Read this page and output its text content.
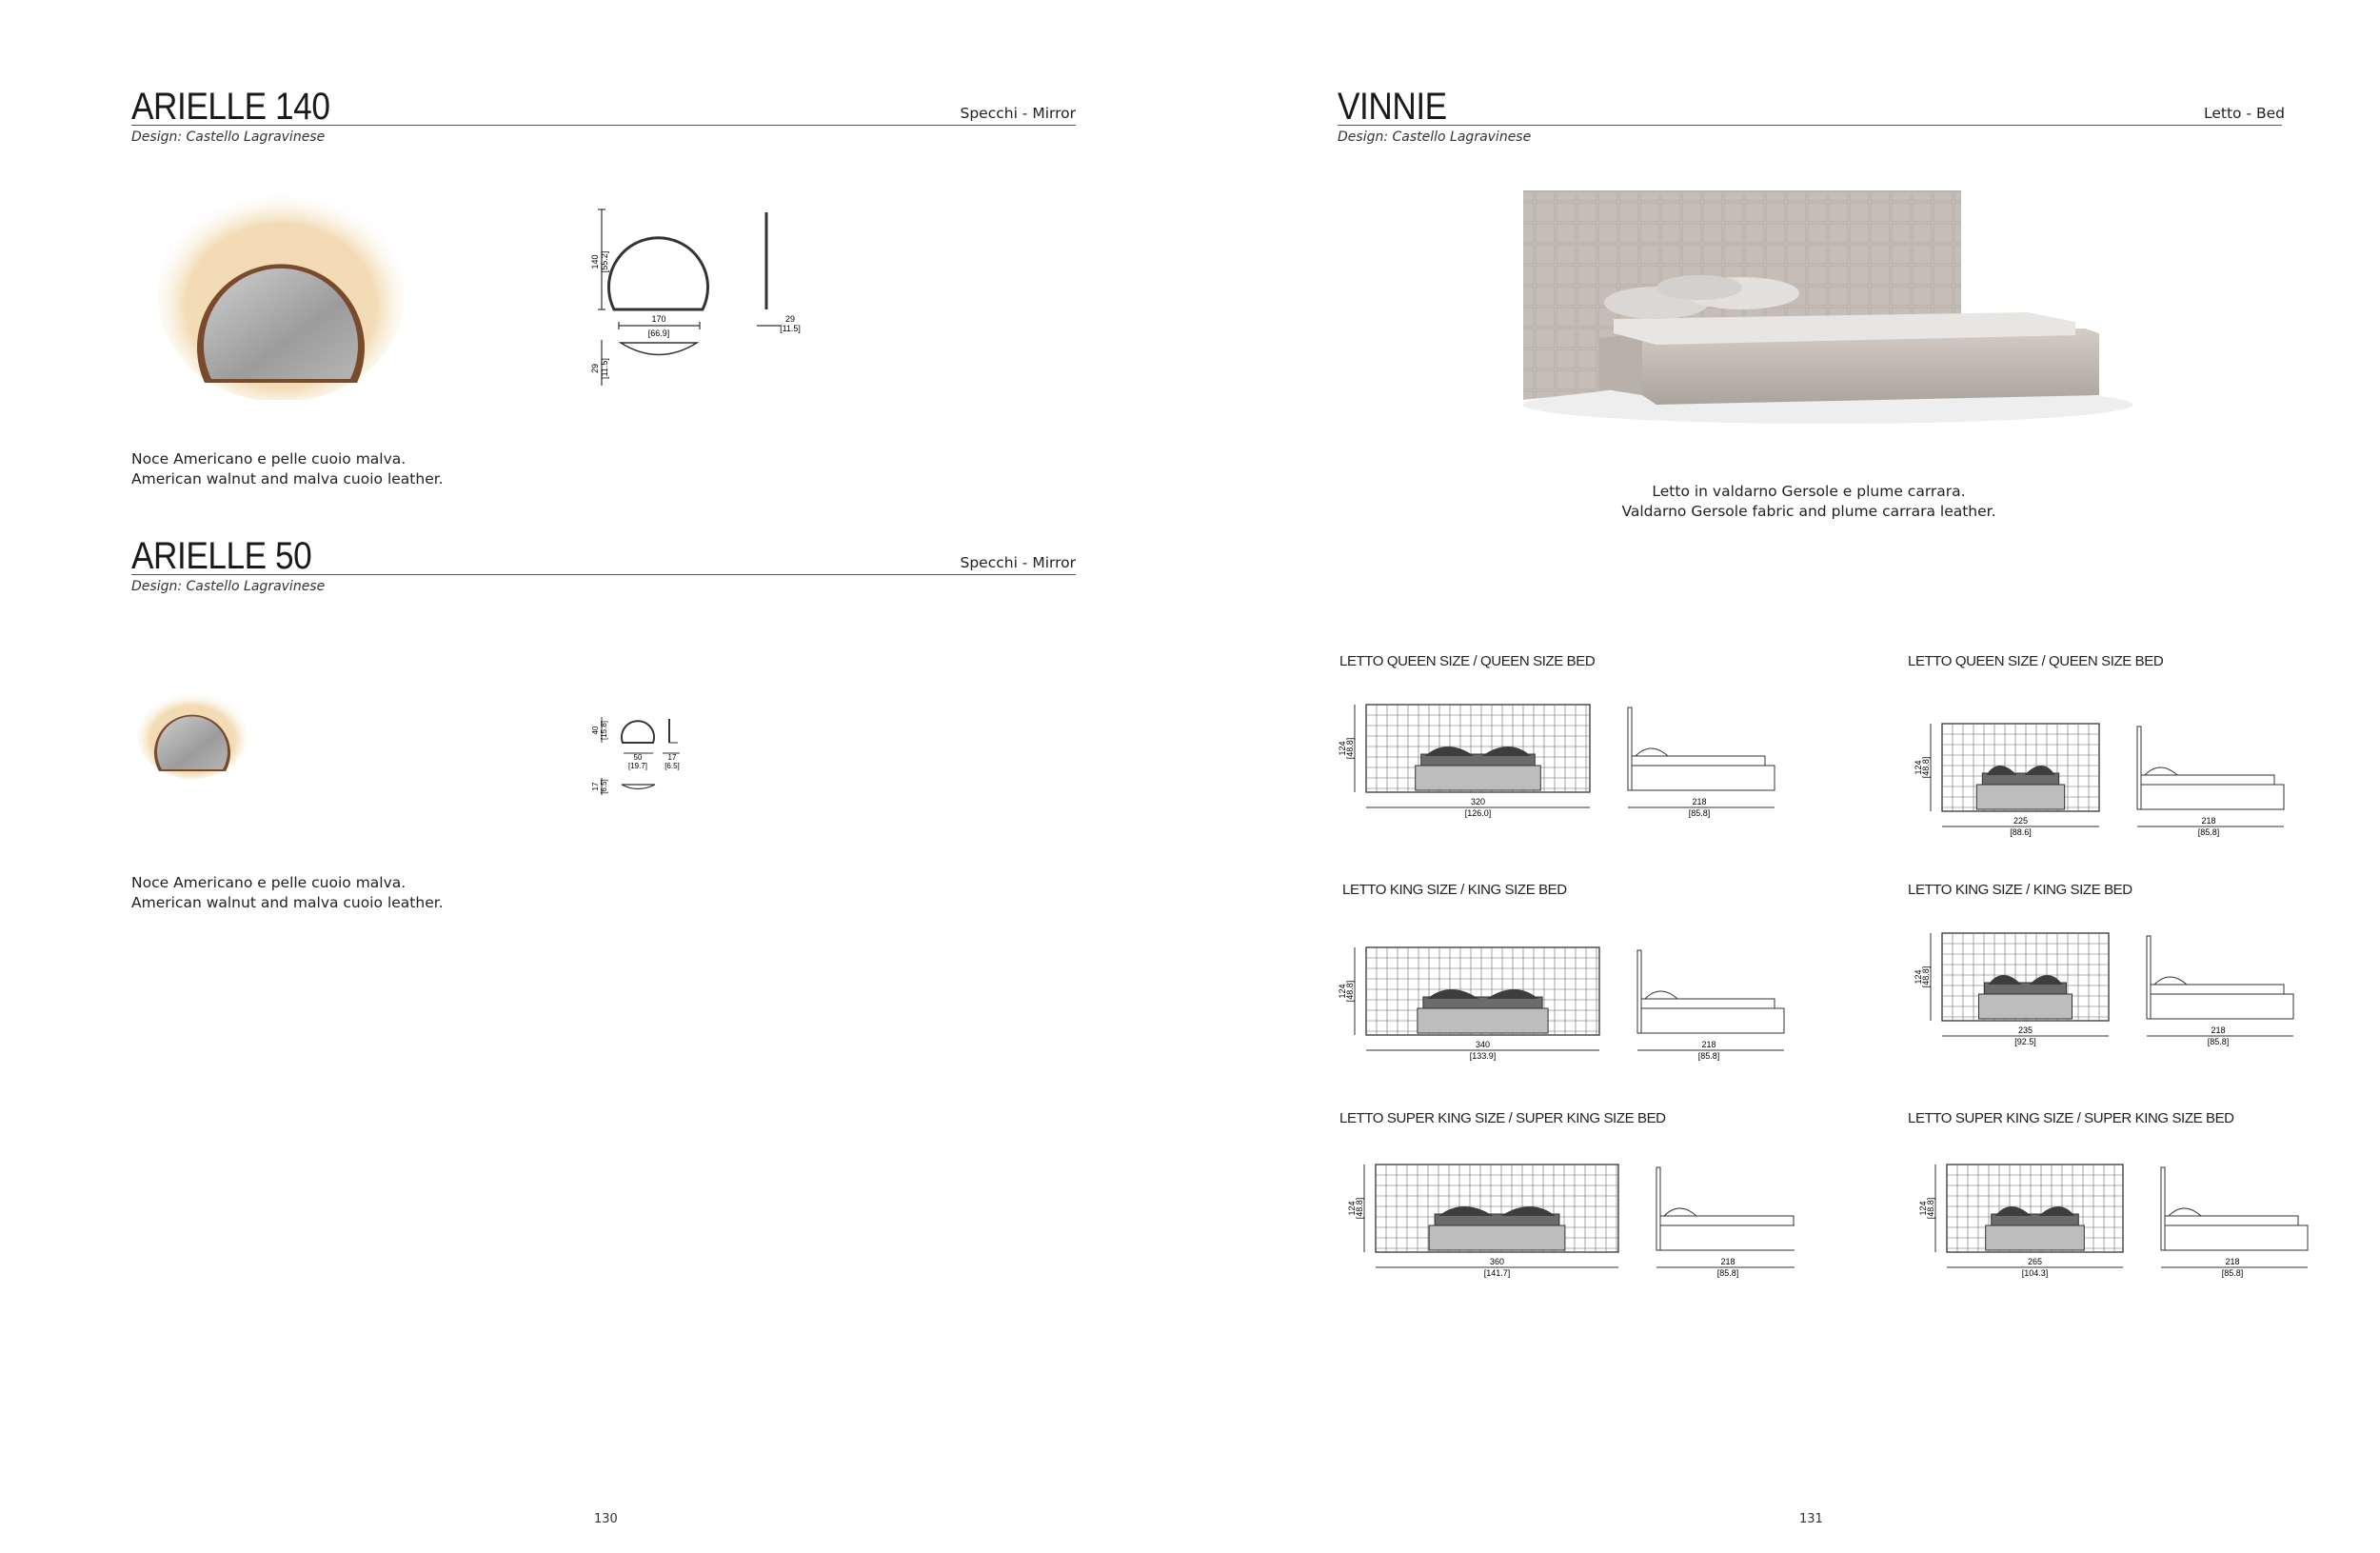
ARIELLE 140	Specchi - Mirror
Design: Castello Lagravinese
140 [55.2]
170
[66.9]
29
[11.5]
29 [11.5]
Noce Americano e pelle cuoio malva.
American walnut and malva cuoio leather.
ARIELLE 50	Specchi - Mirror
Design: Castello Lagravinese
40 [15.8]
50
[19.7]
17
[6.5]
17 [6.5]
Noce Americano e pelle cuoio malva.
American walnut and malva cuoio leather.
130
VINNIE	Letto - Bed
Design: Castello Lagravinese
Letto in valdarno Gersole e plume carrara.
Valdarno Gersole fabric and plume carrara leather.
LETTO QUEEN SIZE / QUEEN SIZE BED	LETTO QUEEN SIZE / QUEEN SIZE BED
LETTO KING SIZE / KING SIZE BED	LETTO KING SIZE / KING SIZE BED
LETTO SUPER KING SIZE / SUPER KING SIZE BED	LETTO SUPER KING SIZE / SUPER KING SIZE BED
124
[48.8]
320
[126.0]
218
[85.8]
124
[48.8]
225
[88.6]
218
[85.8]
124
[48.8]
340
[133.9]
218
[85.8]
124
[48.8]
235
[92.5]
218
[85.8]
124
[48.8]
360
[141.7]
218
[85.8]
124
[48.8]
265
[104.3]
218
[85.8]
131
